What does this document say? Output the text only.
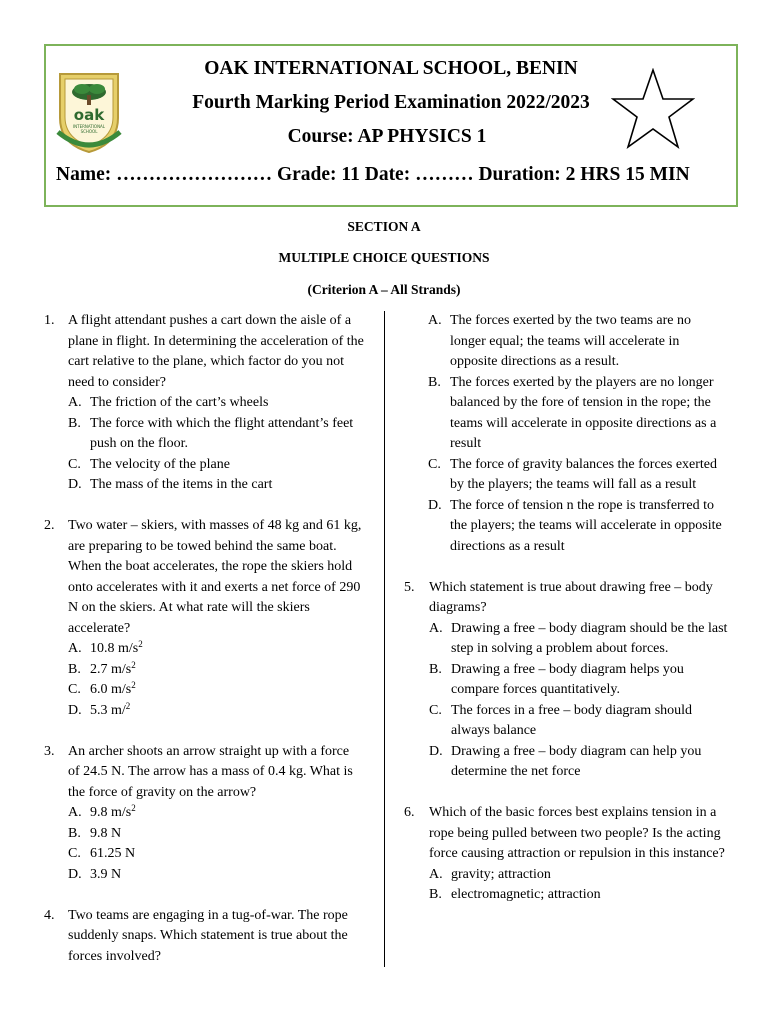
oak
INTERNATIONAL
SCHOOL
OAK INTERNATIONAL SCHOOL, BENIN
Fourth Marking Period Examination 2022/2023
Course: AP PHYSICS 1
Name: …………………… Grade: 11 Date: ……… Duration: 2 HRS 15 MIN
SECTION A
MULTIPLE CHOICE QUESTIONS
(Criterion A – All Strands)
1. A flight attendant pushes a cart down the aisle of a plane in flight. In determining the acceleration of the cart relative to the plane, which factor do you not need to consider?
A. The friction of the cart’s wheels
B. The force with which the flight attendant’s feet push on the floor.
C. The velocity of the plane
D. The mass of the items in the cart
2. Two water – skiers, with masses of 48 kg and 61 kg, are preparing to be towed behind the same boat. When the boat accelerates, the rope the skiers hold onto accelerates with it and exerts a net force of 290 N on the skiers. At what rate will the skiers accelerate?
A. 10.8 $m/s^2$
B. 2.7 $m/s^2$
C. 6.0 $m/s^2$
D. 5.3 m/$^2$
3. An archer shoots an arrow straight up with a force of 24.5 N. The arrow has a mass of 0.4 kg. What is the force of gravity on the arrow?
A. 9.8 $m/s^2$
B. 9.8 N
C. 61.25 N
D. 3.9 N
4. Two teams are engaging in a tug-of-war. The rope suddenly snaps. Which statement is true about the forces involved?
A. The forces exerted by the two teams are no longer equal; the teams will accelerate in opposite directions as a result.
B. The forces exerted by the players are no longer balanced by the fore of tension in the rope; the teams will accelerate in opposite directions as a result
C. The force of gravity balances the forces exerted by the players; the teams will fall as a result
D. The force of tension n the rope is transferred to the players; the teams will accelerate in opposite directions as a result
5. Which statement is true about drawing free – body diagrams?
A. Drawing a free – body diagram should be the last step in solving a problem about forces.
B. Drawing a free – body diagram helps you compare forces quantitatively.
C. The forces in a free – body diagram should always balance
D. Drawing a free – body diagram can help you determine the net force
6. Which of the basic forces best explains tension in a rope being pulled between two people? Is the acting force causing attraction or repulsion in this instance?
A. gravity; attraction
B. electromagnetic; attraction
